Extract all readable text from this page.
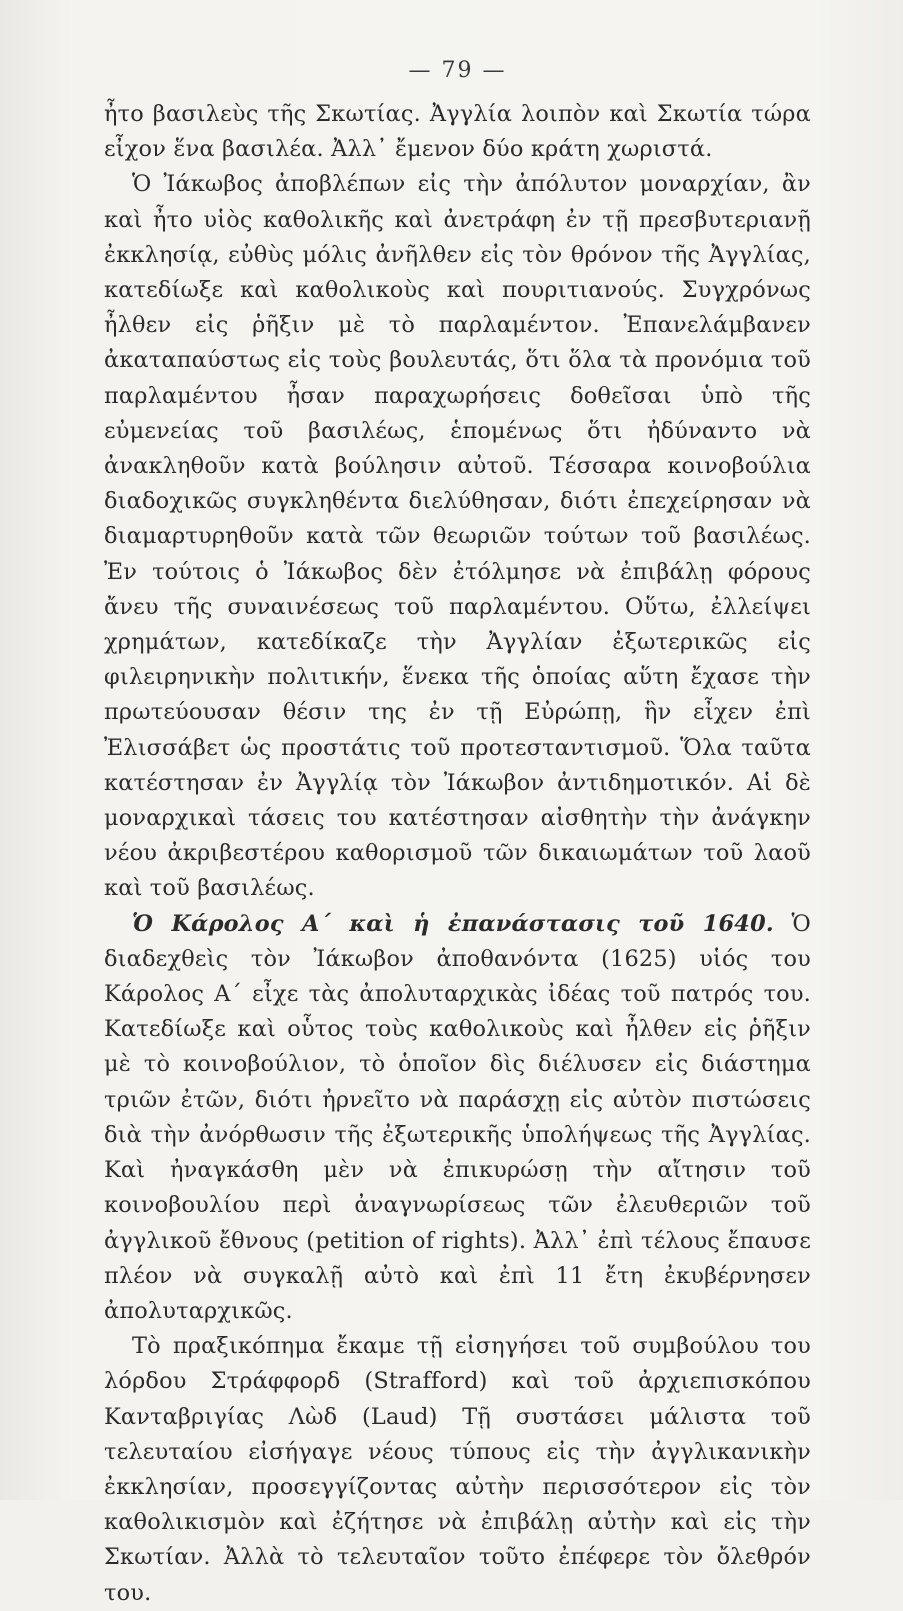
— 79 —

ἦτο βασιλεὺς τῆς Σκωτίας. Ἀγγλία λοιπὸν καὶ Σκωτία τώρα εἶχον ἕνα βασιλέα. Ἀλλ᾿ ἔμενον δύο κράτη χωριστά.

Ὁ Ἰάκωβος ἀποβλέπων εἰς τὴν ἀπόλυτον μοναρχίαν, ἂν καὶ ἦτο υἱὸς καθολικῆς καὶ ἀνετράφη ἐν τῇ πρεσβυτεριανῇ ἐκκλησίᾳ, εὐθὺς μόλις ἀνῆλθεν εἰς τὸν θρόνον τῆς Ἀγγλίας, κατεδίωξε καὶ καθολικοὺς καὶ πουριτιανούς. Συγχρόνως ἦλθεν εἰς ῥῆξιν μὲ τὸ παρλαμέντον. Ἐπανελάμβανεν ἀκαταπαύστως εἰς τοὺς βουλευτάς, ὅτι ὅλα τὰ προνόμια τοῦ παρλαμέντου ἦσαν παραχωρήσεις δοθεῖσαι ὑπὸ τῆς εὐμενείας τοῦ βασιλέως, ἑπομένως ὅτι ἠδύναντο νὰ ἀνακληθοῦν κατὰ βούλησιν αὐτοῦ. Τέσσαρα κοινοβούλια διαδοχικῶς συγκληθέντα διελύθησαν, διότι ἐπεχείρησαν νὰ διαμαρτυρηθοῦν κατὰ τῶν θεωριῶν τούτων τοῦ βασιλέως. Ἐν τούτοις ὁ Ἰάκωβος δὲν ἐτόλμησε νὰ ἐπιβάλῃ φόρους ἄνευ τῆς συναινέσεως τοῦ παρλαμέντου. Οὕτω, ἐλλείψει χρημάτων, κατεδίκαζε τὴν Ἀγγλίαν ἐξωτερικῶς εἰς φιλειρηνικὴν πολιτικήν, ἕνεκα τῆς ὁποίας αὕτη ἔχασε τὴν πρωτεύουσαν θέσιν της ἐν τῇ Εὐρώπῃ, ἣν εἶχεν ἐπὶ Ἐλισσάβετ ὡς προστάτις τοῦ προτεσταντισμοῦ. Ὅλα ταῦτα κατέστησαν ἐν Ἀγγλίᾳ τὸν Ἰάκωβον ἀντιδημοτικόν. Αἱ δὲ μοναρχικαὶ τάσεις του κατέστησαν αἰσθητὴν τὴν ἀνάγκην νέου ἀκριβεστέρου καθορισμοῦ τῶν δικαιωμάτων τοῦ λαοῦ καὶ τοῦ βασιλέως.

Ὁ Κάρολος Α΄ καὶ ἡ ἐπανάστασις τοῦ 1640. Ὁ διαδεχθεὶς τὸν Ἰάκωβον ἀποθανόντα (1625) υἱός του Κάρολος Α΄ εἶχε τὰς ἀπολυταρχικὰς ἰδέας τοῦ πατρός του. Κατεδίωξε καὶ οὗτος τοὺς καθολικοὺς καὶ ἦλθεν εἰς ῥῆξιν μὲ τὸ κοινοβούλιον, τὸ ὁποῖον δὶς διέλυσεν εἰς διάστημα τριῶν ἐτῶν, διότι ἠρνεῖτο νὰ παράσχῃ εἰς αὐτὸν πιστώσεις διὰ τὴν ἀνόρθωσιν τῆς ἐξωτερικῆς ὑπολήψεως τῆς Ἀγγλίας. Καὶ ἠναγκάσθη μὲν νὰ ἐπικυρώσῃ τὴν αἴτησιν τοῦ κοινοβουλίου περὶ ἀναγνωρίσεως τῶν ἐλευθεριῶν τοῦ ἀγγλικοῦ ἔθνους (petition of rights). Ἀλλ᾿ ἐπὶ τέλους ἔπαυσε πλέον νὰ συγκαλῇ αὐτὸ καὶ ἐπὶ 11 ἔτη ἐκυβέρνησεν ἀπολυταρχικῶς.

Τὸ πραξικόπημα ἔκαμε τῇ εἰσηγήσει τοῦ συμβούλου του λόρδου Στράφφορδ (Strafford) καὶ τοῦ ἀρχιεπισκόπου Κανταβριγίας Λὼδ (Laud) Τῇ συστάσει μάλιστα τοῦ τελευταίου εἰσήγαγε νέους τύπους εἰς τὴν ἀγγλικανικὴν ἐκκλησίαν, προσεγγίζοντας αὐτὴν περισσότερον εἰς τὸν καθολικισμὸν καὶ ἐζήτησε νὰ ἐπιβάλῃ αὐτὴν καὶ εἰς τὴν Σκωτίαν. Ἀλλὰ τὸ τελευταῖον τοῦτο ἐπέφερε τὸν ὄλεθρόν του.
